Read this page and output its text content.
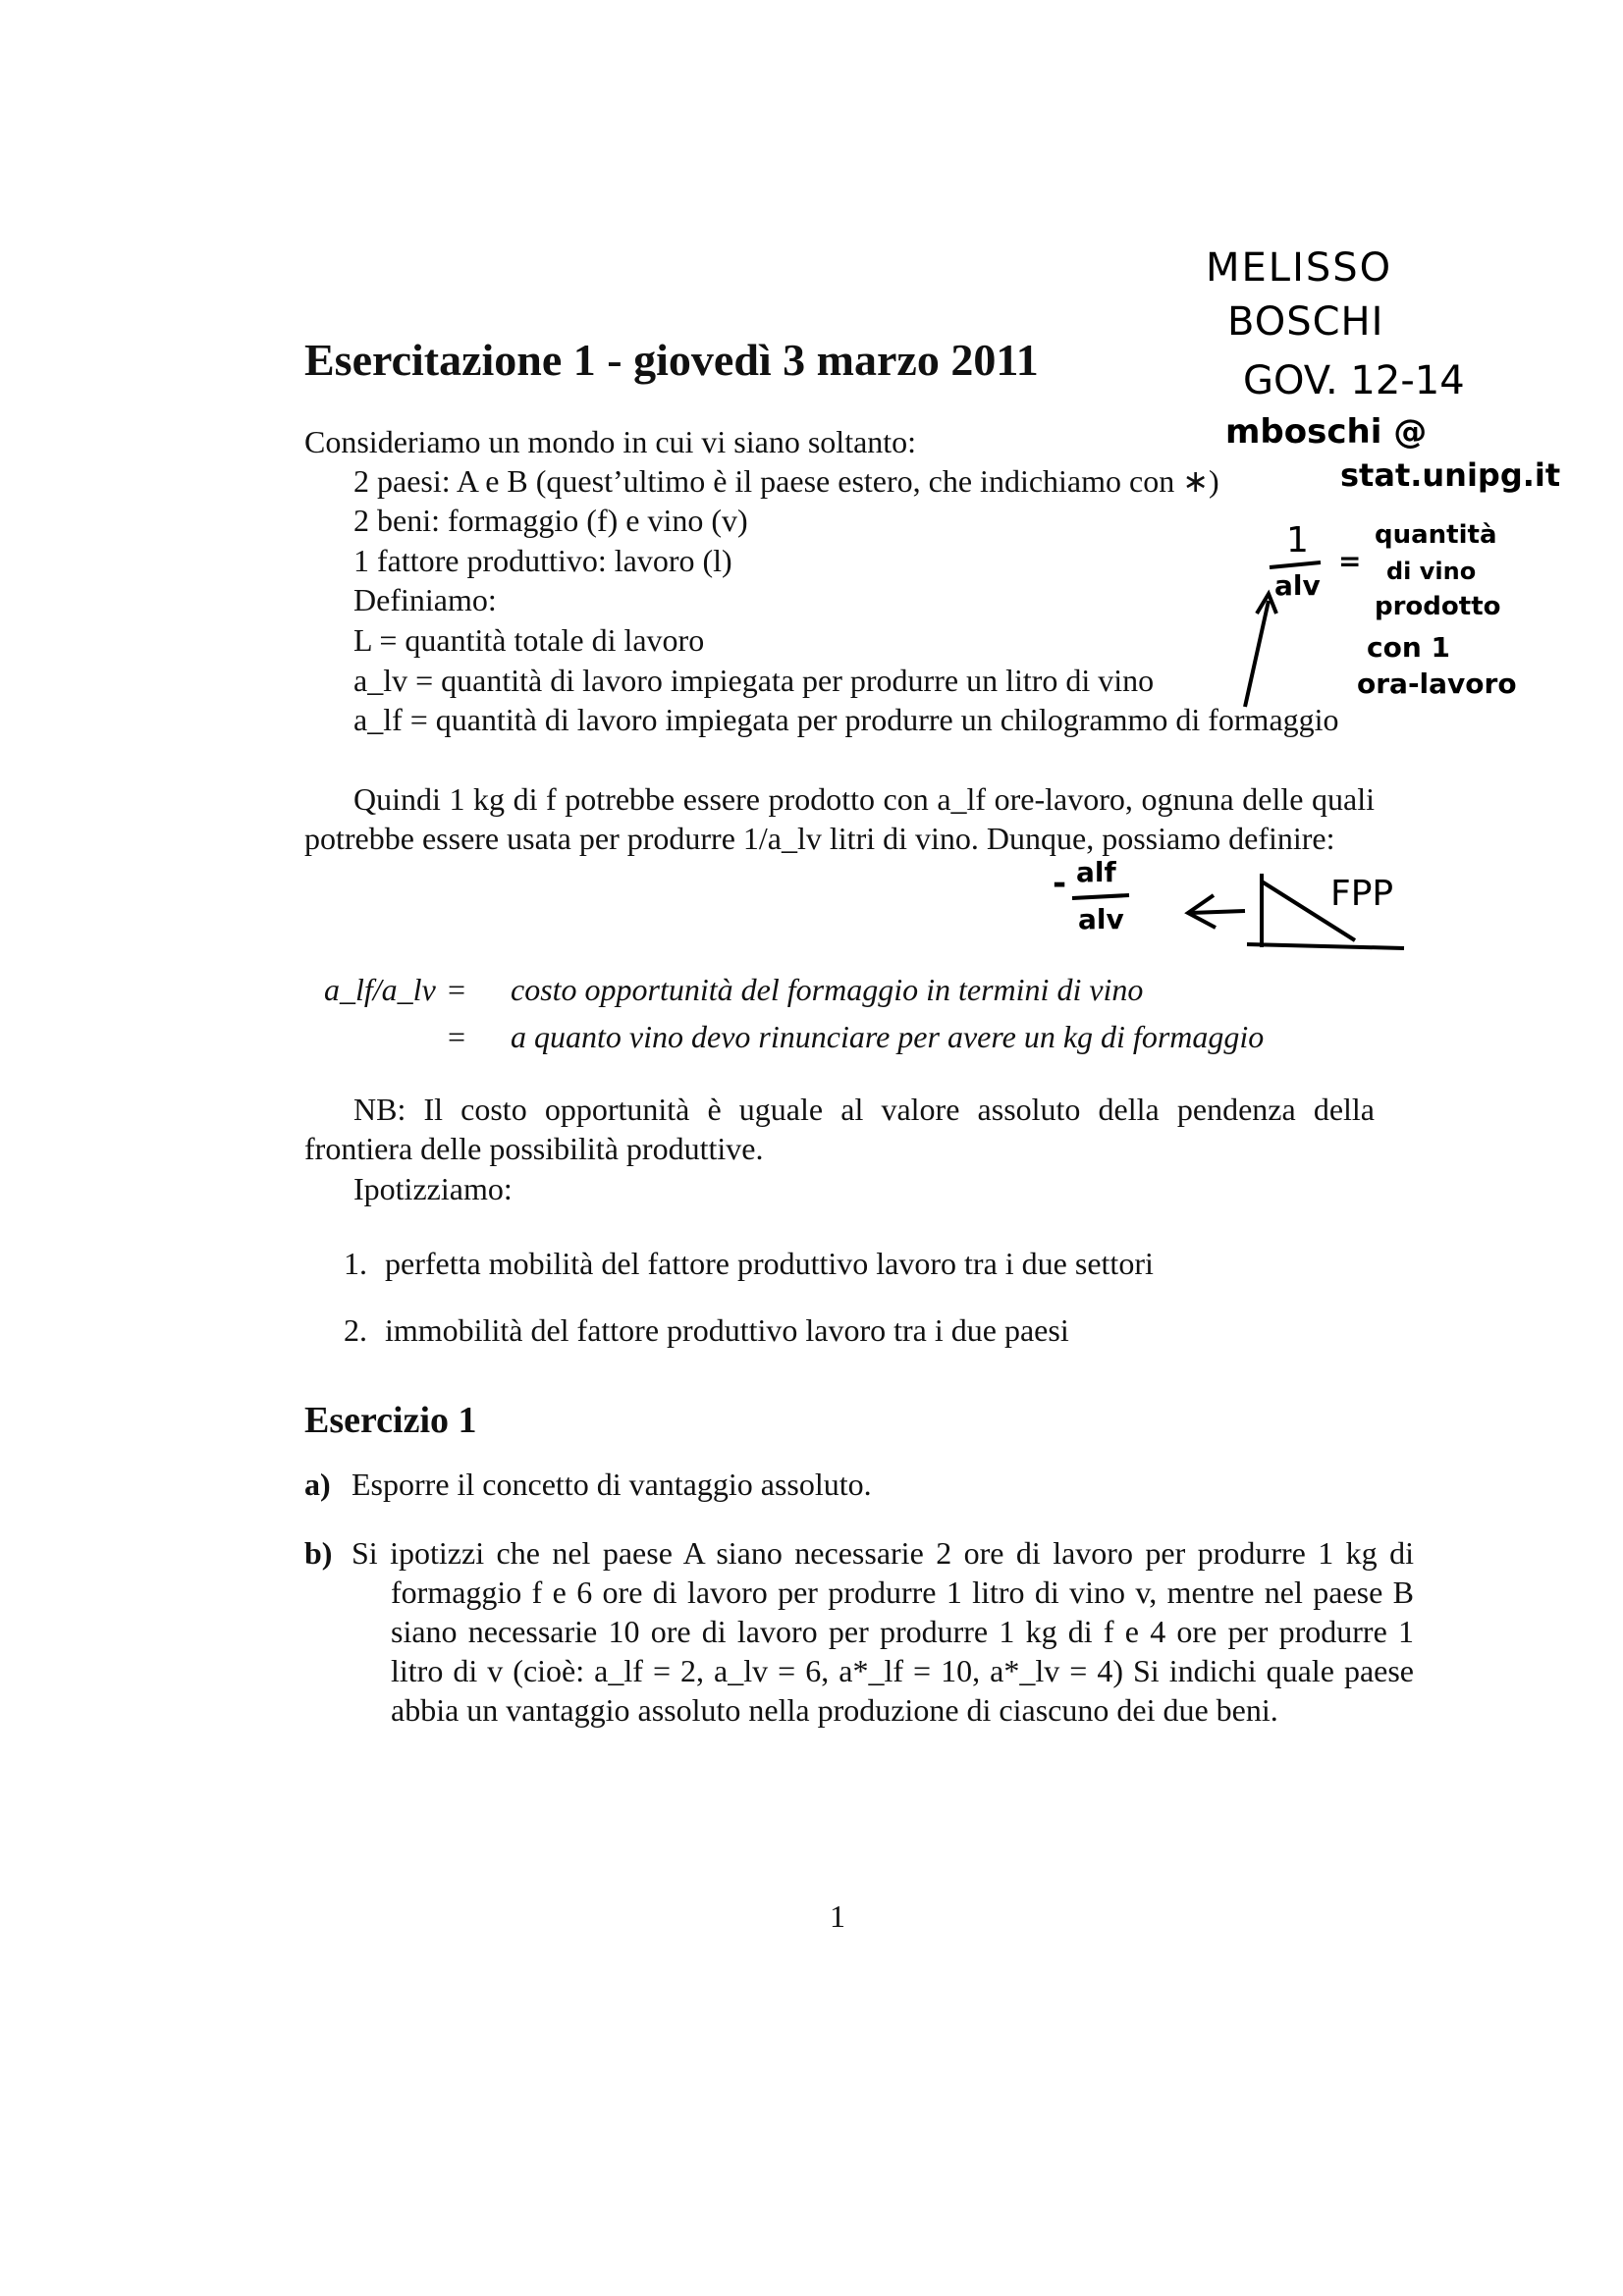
Esercitazione 1 - giovedì 3 marzo 2011
Consideriamo un mondo in cui vi siano soltanto:
2 paesi: A e B (quest’ultimo è il paese estero, che indichiamo con ∗)
2 beni: formaggio (f) e vino (v)
1 fattore produttivo: lavoro (l)
Definiamo:
L = quantità totale di lavoro
a_lv = quantità di lavoro impiegata per produrre un litro di vino
a_lf = quantità di lavoro impiegata per produrre un chilogrammo di formaggio
Quindi 1 kg di f potrebbe essere prodotto con a_lf ore-lavoro, ognuna delle quali potrebbe essere usata per produrre 1/a_lv litri di vino. Dunque, possiamo definire:
a_lf/a_lv = costo opportunità del formaggio in termini di vino
= a quanto vino devo rinunciare per avere un kg di formaggio
NB: Il costo opportunità è uguale al valore assoluto della pendenza della frontiera delle possibilità produttive.
Ipotizziamo:
1. perfetta mobilità del fattore produttivo lavoro tra i due settori
2. immobilità del fattore produttivo lavoro tra i due paesi
Esercizio 1
a) Esporre il concetto di vantaggio assoluto.
b) Si ipotizzi che nel paese A siano necessarie 2 ore di lavoro per produrre 1 kg di formaggio f e 6 ore di lavoro per produrre 1 litro di vino v, mentre nel paese B siano necessarie 10 ore di lavoro per produrre 1 kg di f e 4 ore per produrre 1 litro di v (cioè: a_lf = 2, a_lv = 6, a*_lf = 10, a*_lv = 4) Si indichi quale paese abbia un vantaggio assoluto nella produzione di ciascuno dei due beni.
1
MELISSO
BOSCHI
GOV. 12-14
mboschi @
stat.unipg.it
1
alv
=
quantità
di vino
prodotto
con 1
ora-lavoro
- alf
alv
FPP
